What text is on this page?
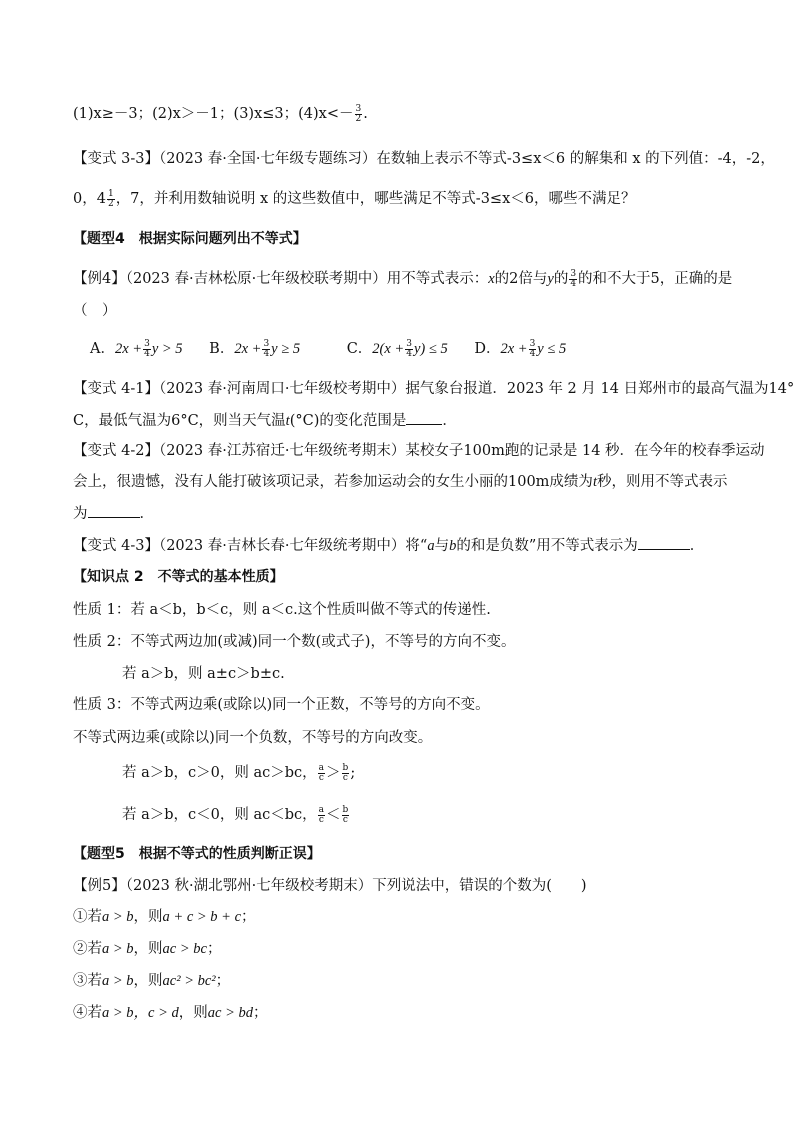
(1)x≥－3；(2)x＞－1；(3)x≤3；$(4)x<- \frac{3}{2}$ .
【变式 3-3】（2023 春·全国·七年级专题练习）在数轴上表示不等式-3≤x＜6 的解集和 x 的下列值：-4，-2，
0，$4 \frac{1}{2}$ ，7，并利用数轴说明 x 的这些数值中，哪些满足不等式-3≤x＜6，哪些不满足？
【题型4　根据实际问题列出不等式】
【例4】（2023 春·吉林松原·七年级校联考期中）用不等式表示：x的2倍与y的 $\frac{3}{4}$ 的和不大于5，正确的是
（　）
A．$2x + \frac{3}{4}$ y > 5 B．$2x + \frac{3}{4}$ y ≥ 5	C．$2(x + \frac{3}{4} y) \le 5$ D．$2x + \frac{3}{4}$ y ≤ 5
【变式 4-1】（2023 春·河南周口·七年级校考期中）据气象台报道．2023 年 2 月 14 日郑州市的最高气温为14°
C，最低气温为6°C，则当天气温t(°C)的变化范围是 ．
【变式 4-2】（2023 春·江苏宿迁·七年级统考期末）某校女子100m跑的记录是 14 秒．在今年的校春季运动
会上，很遗憾，没有人能打破该项记录，若参加运动会的女生小丽的100m成绩为t秒，则用不等式表示
为	．
【变式 4-3】（2023 春·吉林长春·七年级统考期中）将“a与b的和是负数”用不等式表示为	．
【知识点 2　不等式的基本性质】
性质 1：若 a＜b，b＜c，则 a＜c.这个性质叫做不等式的传递性.
性质 2：不等式两边加(或减)同一个数(或式子)，不等号的方向不变。
若 a＞b，则 a±c＞b±c.
性质 3：不等式两边乘(或除以)同一个正数，不等号的方向不变。
不等式两边乘(或除以)同一个负数，不等号的方向改变。
若 a＞b，c＞0，则 ac＞bc， $\frac{a}{c} > \frac{b}{c}$ ;
若 a＞b，c＜0，则 ac＜bc， $\frac{a}{c} < \frac{b}{c}$
【题型5　根据不等式的性质判断正误】
【例5】（2023 秋·湖北鄂州·七年级校考期末）下列说法中，错误的个数为(　　)
①若a > b，则a + c > b + c；
②若a > b，则ac > bc；
③若a > b，则ac² > bc²；
④若a > b，c > d，则ac > bd；
